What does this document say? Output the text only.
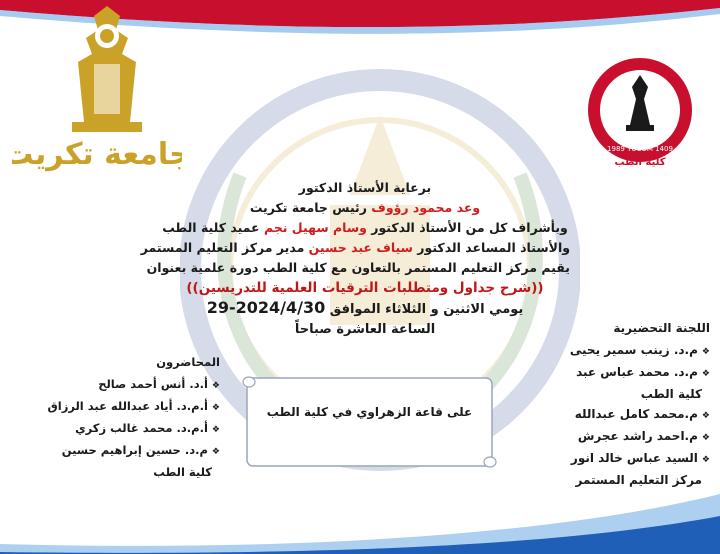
جامعة تكريت	1989 TUCOM 1409
كلية الطب
برعاية الأستاذ الدكتور
وعد محمود رؤوف رئيس جامعة تكريت
وبأشراف كل من الأستاذ الدكتور وسام سهيل نجم عميد كلية الطب
والأستاذ المساعد الدكتور سياف عبد حسين مدير مركز التعليم المستمر
يقيم مركز التعليم المستمر بالتعاون مع كلية الطب دورة علمية بعنوان
((شرح جداول ومتطلبات الترقيات العلمية للتدريسين))
يومي الاثنين و الثلاثاء الموافق 2024/4/30-29
الساعة العاشرة صباحاً
على قاعة الزهراوي في كلية الطب
اللجنة التحضيرية
❖ م.د. زينب سمير يحيى
❖ م.د. محمد عباس عبد
كلية الطب
❖ م.محمد كامل عبدالله
❖ م.احمد راشد عجرش
❖ السيد عباس خالد انور
مركز التعليم المستمر
المحاضرون
❖ أ.د. أنس أحمد صالح
❖ أ.م.د. أياد عبدالله عبد الرزاق
❖ أ.م.د. محمد غالب زكري
❖ م.د. حسين إبراهيم حسين
كلية الطب
